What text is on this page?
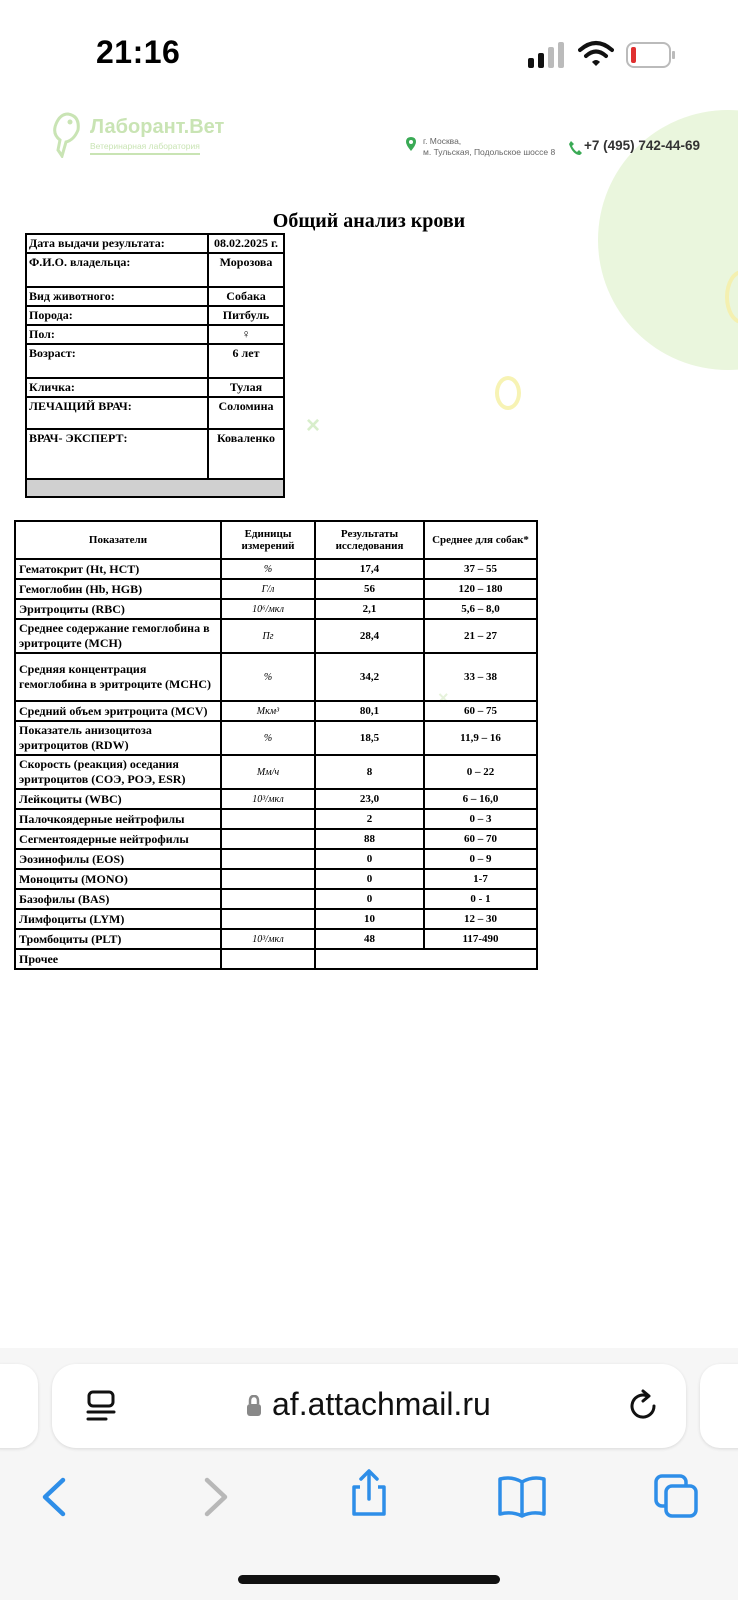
21:16
×
×
Лаборант.Вет
Ветеринарная лаборатория	г. Москва,
м. Тульская, Подольское шоссе 8 +7 (495) 742-44-69
Общий анализ крови
Дата выдачи результата:	08.02.2025 г.
Ф.И.О. владельца:	Морозова
Вид животного:	Собака
Порода:	Питбуль
Пол:	♀
Возраст:	6 лет
Кличка:	Тулая
ЛЕЧАЩИЙ ВРАЧ:	Соломина
ВРАЧ- ЭКСПЕРТ:	Коваленко

Показатели	Единицы измерений	Результаты исследования	Среднее для собак*
Гематокрит (Ht, HCT)	%	17,4	37 – 55
Гемоглобин (Hb, HGB)	Г/л	56	120 – 180
Эритроциты (RBC)	10⁶/мкл	2,1	5,6 – 8,0
Среднее содержание гемоглобина в эритроците (MCH)	Пг	28,4	21 – 27
Средняя концентрация гемоглобина в эритроците (MCHC)	%	34,2	33 – 38
Средний объем эритроцита (MCV)	Мкм³	80,1	60 – 75
Показатель анизоцитоза эритроцитов (RDW)	%	18,5	11,9 – 16
Скорость (реакция) оседания эритроцитов (СОЭ, РОЭ, ESR)	Мм/ч	8	0 – 22
Лейкоциты (WBC)	10³/мкл	23,0	6 – 16,0
Палочкоядерные нейтрофилы		2	0 – 3
Сегментоядерные нейтрофилы		88	60 – 70
Эозинофилы (EOS)		0	0 – 9
Моноциты (MONO)		0	1-7
Базофилы (BAS)		0	0 - 1
Лимфоциты (LYM)		10	12 – 30
Тромбоциты (PLT)	10³/мкл	48	117-490
Прочее			
af.attachmail.ru
